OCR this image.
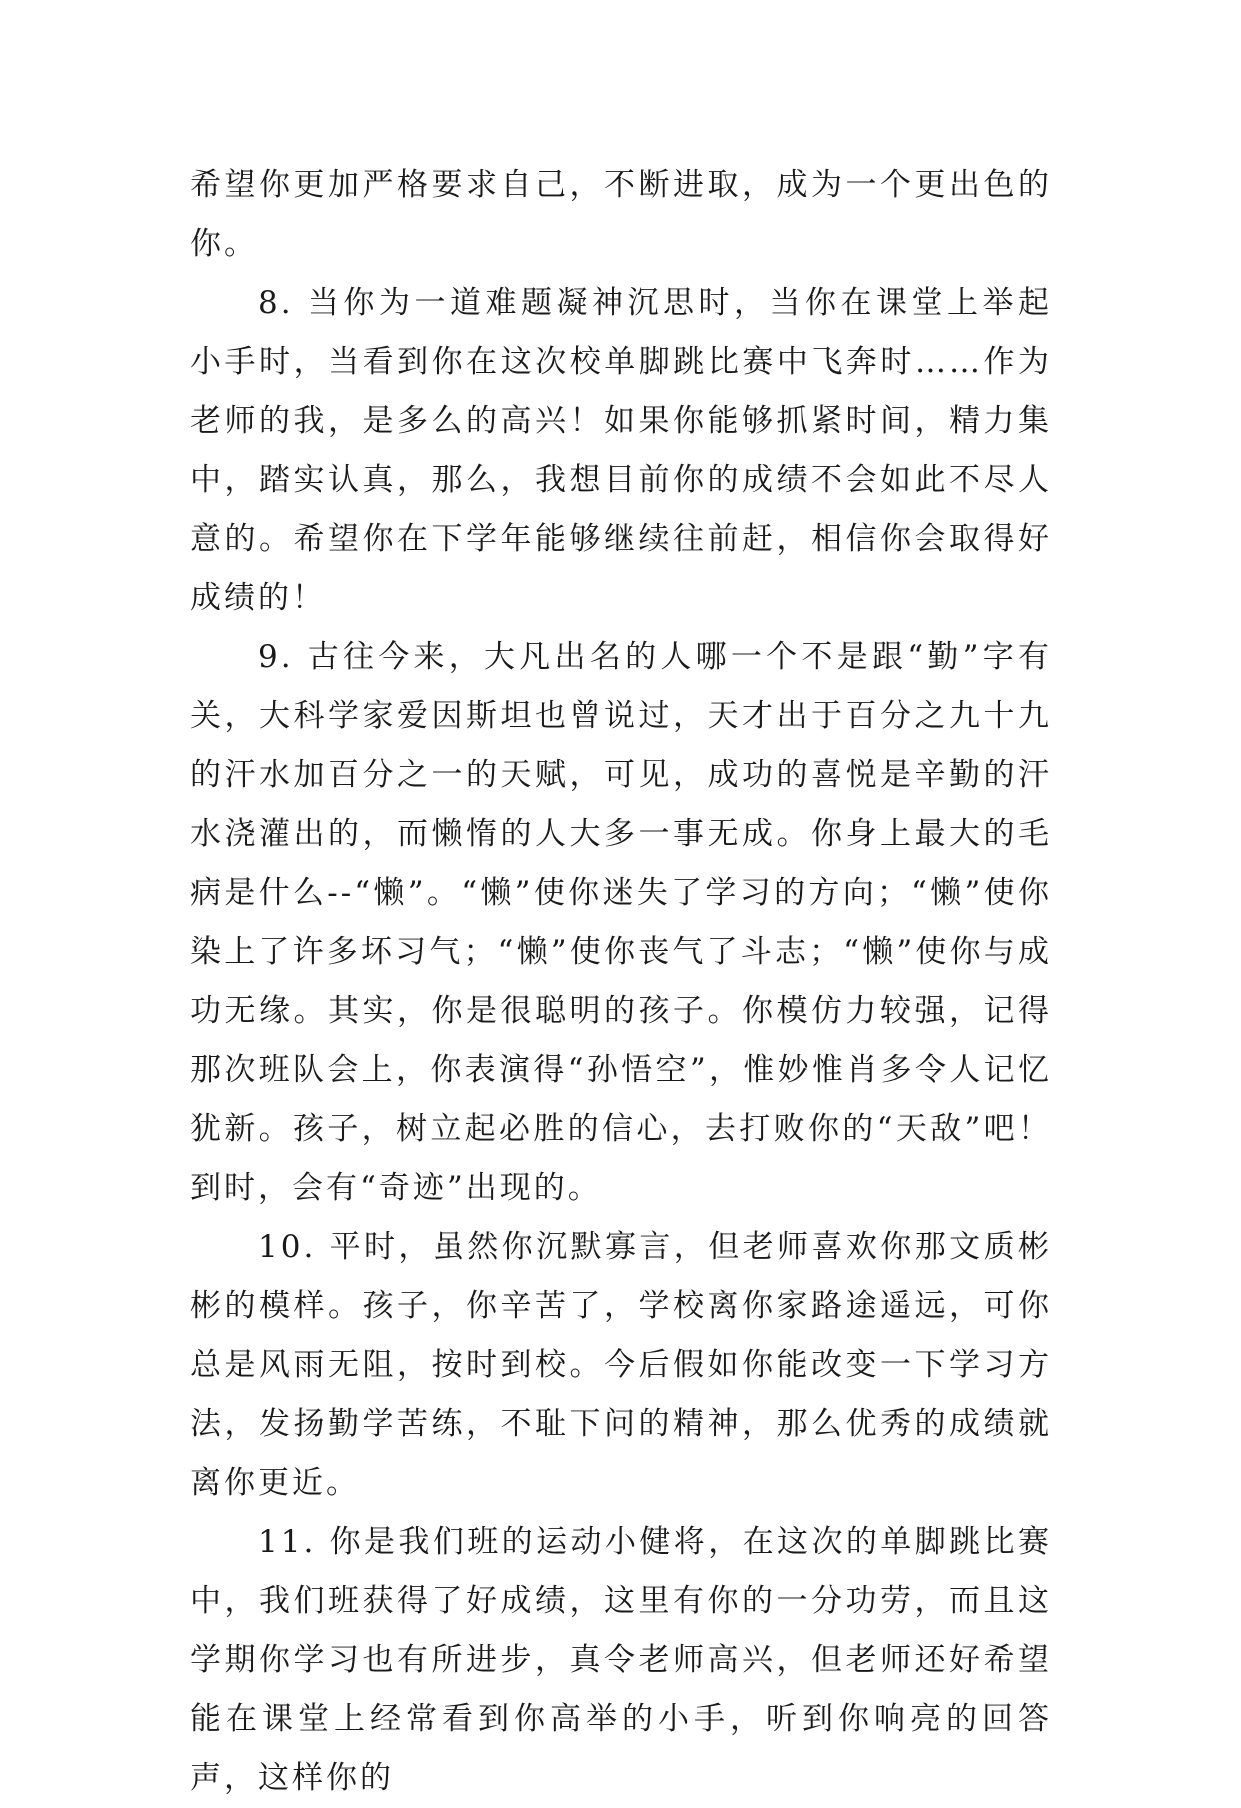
希望你更加严格要求自己，不断进取，成为一个更出色的你。

8. 当你为一道难题凝神沉思时，当你在课堂上举起小手时，当看到你在这次校单脚跳比赛中飞奔时……作为老师的我，是多么的高兴！如果你能够抓紧时间，精力集中，踏实认真，那么，我想目前你的成绩不会如此不尽人意的。希望你在下学年能够继续往前赶，相信你会取得好成绩的！

9. 古往今来，大凡出名的人哪一个不是跟“勤”字有关，大科学家爱因斯坦也曾说过，天才出于百分之九十九的汗水加百分之一的天赋，可见，成功的喜悦是辛勤的汗水浇灌出的，而懒惰的人大多一事无成。你身上最大的毛病是什么--“懒”。“懒”使你迷失了学习的方向；“懒”使你染上了许多坏习气；“懒”使你丧气了斗志；“懒”使你与成功无缘。其实，你是很聪明的孩子。你模仿力较强，记得那次班队会上，你表演得“孙悟空”，惟妙惟肖多令人记忆犹新。孩子，树立起必胜的信心，去打败你的“天敌”吧！到时，会有“奇迹”出现的。

10. 平时，虽然你沉默寡言，但老师喜欢你那文质彬彬的模样。孩子，你辛苦了，学校离你家路途遥远，可你总是风雨无阻，按时到校。今后假如你能改变一下学习方法，发扬勤学苦练，不耻下问的精神，那么优秀的成绩就离你更近。

11. 你是我们班的运动小健将，在这次的单脚跳比赛中，我们班获得了好成绩，这里有你的一分功劳，而且这学期你学习也有所进步，真令老师高兴，但老师还好希望能在课堂上经常看到你高举的小手，听到你响亮的回答声，这样你的
